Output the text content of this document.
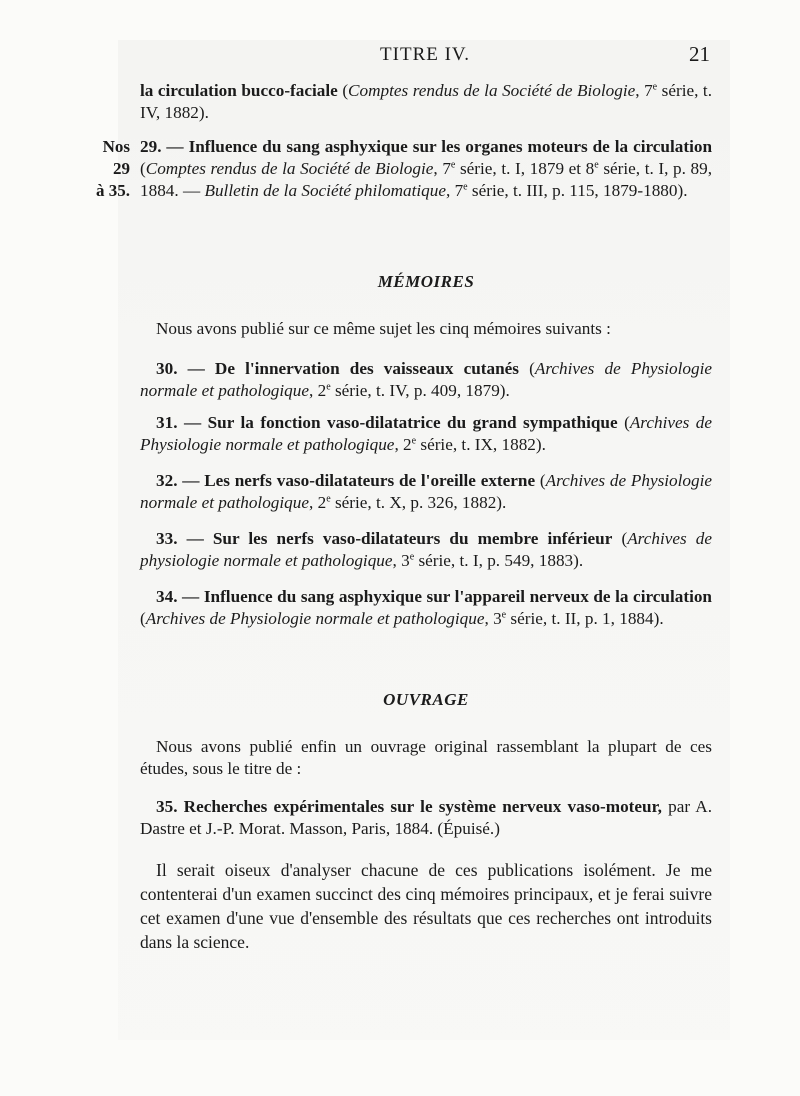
TITRE IV.	21
la circulation bucco-faciale (Comptes rendus de la Société de Biologie, 7e série, t. IV, 1882).
Nos 29
à 35.
29. — Influence du sang asphyxique sur les organes moteurs de la circulation (Comptes rendus de la Société de Biologie, 7e série, t. I, 1879 et 8e série, t. I, p. 89, 1884. — Bulletin de la Société philomatique, 7e série, t. III, p. 115, 1879-1880).
MÉMOIRES
Nous avons publié sur ce même sujet les cinq mémoires suivants :
30. — De l'innervation des vaisseaux cutanés (Archives de Physiologie normale et pathologique, 2e série, t. IV, p. 409, 1879).
31. — Sur la fonction vaso-dilatatrice du grand sympathique (Archives de Physiologie normale et pathologique, 2e série, t. IX, 1882).
32. — Les nerfs vaso-dilatateurs de l'oreille externe (Archives de Physiologie normale et pathologique, 2e série, t. X, p. 326, 1882).
33. — Sur les nerfs vaso-dilatateurs du membre inférieur (Archives de physiologie normale et pathologique, 3e série, t. I, p. 549, 1883).
34. — Influence du sang asphyxique sur l'appareil nerveux de la circulation (Archives de Physiologie normale et pathologique, 3e série, t. II, p. 1, 1884).
OUVRAGE
Nous avons publié enfin un ouvrage original rassemblant la plupart de ces études, sous le titre de :
35. Recherches expérimentales sur le système nerveux vaso-moteur, par A. Dastre et J.-P. Morat. Masson, Paris, 1884. (Épuisé.)
Il serait oiseux d'analyser chacune de ces publications isolément. Je me contenterai d'un examen succinct des cinq mémoires principaux, et je ferai suivre cet examen d'une vue d'ensemble des résultats que ces recherches ont introduits dans la science.
